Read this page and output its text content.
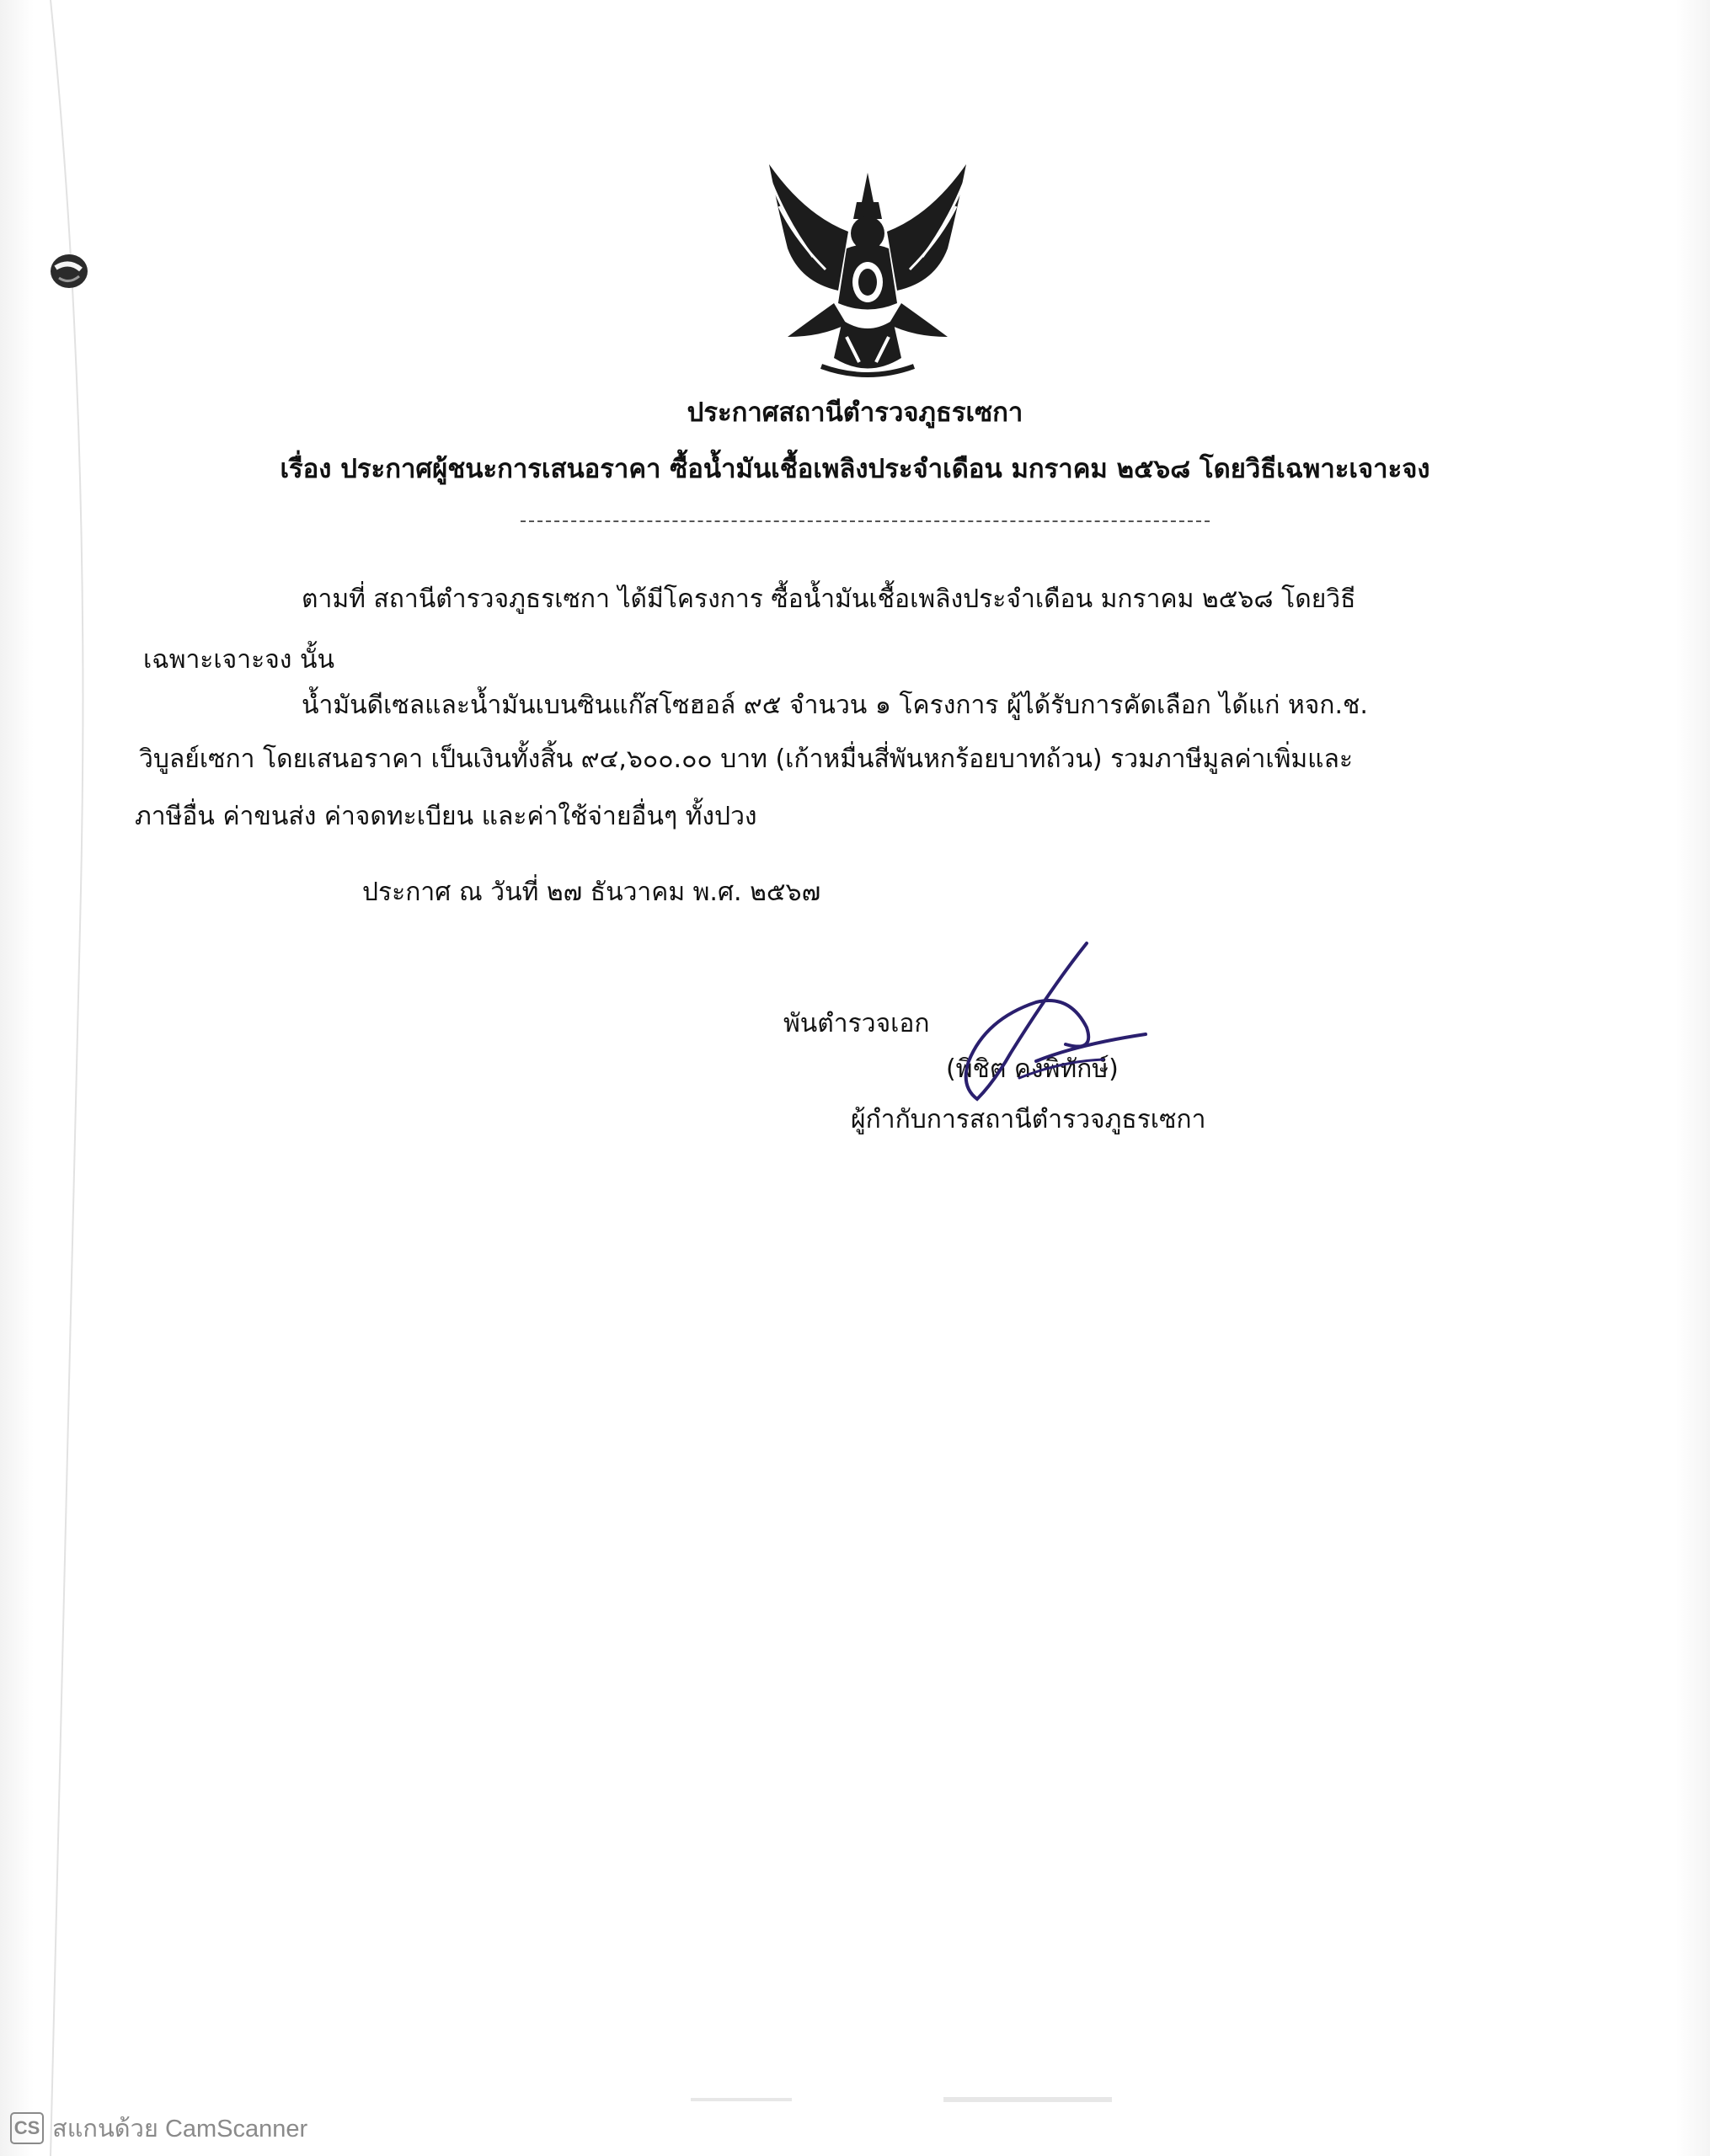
ประกาศสถานีตำรวจภูธรเซกา
เรื่อง ประกาศผู้ชนะการเสนอราคา ซื้อน้ำมันเชื้อเพลิงประจำเดือน มกราคม ๒๕๖๘ โดยวิธีเฉพาะเจาะจง
ตามที่ สถานีตำรวจภูธรเซกา ได้มีโครงการ ซื้อน้ำมันเชื้อเพลิงประจำเดือน มกราคม ๒๕๖๘ โดยวิธี
เฉพาะเจาะจง นั้น
น้ำมันดีเซลและน้ำมันเบนซินแก๊สโซฮอล์ ๙๕ จำนวน ๑ โครงการ ผู้ได้รับการคัดเลือก ได้แก่ หจก.ช.
วิบูลย์เซกา โดยเสนอราคา เป็นเงินทั้งสิ้น ๙๔,๖๐๐.๐๐ บาท (เก้าหมื่นสี่พันหกร้อยบาทถ้วน) รวมภาษีมูลค่าเพิ่มและ
ภาษีอื่น ค่าขนส่ง ค่าจดทะเบียน และค่าใช้จ่ายอื่นๆ ทั้งปวง
ประกาศ ณ วันที่ ๒๗ ธันวาคม พ.ศ. ๒๕๖๗
พันตำรวจเอก
(พิชิต คงพิทักษ์)
ผู้กำกับการสถานีตำรวจภูธรเซกา
CS สแกนด้วย CamScanner
